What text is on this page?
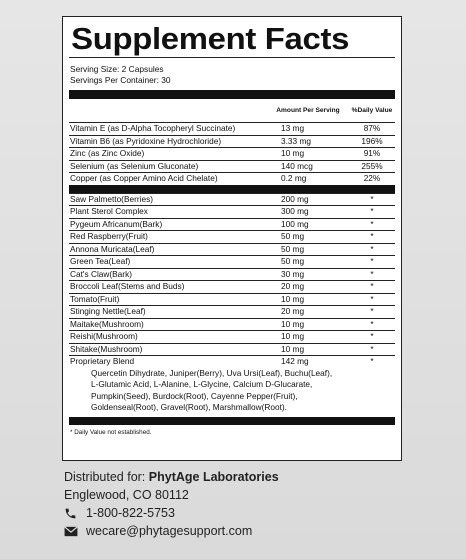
Supplement Facts
Serving Size: 2 Capsules
Servings Per Container: 30
Amount Per Serving	%Daily Value
Vitamin E (as D-Alpha Tocopheryl Succinate)	13 mg	87%
Vitamin B6 (as Pyridoxine Hydrochloride)	3.33 mg	196%
Zinc (as Zinc Oxide)	10 mg	91%
Selenium (as Selenium Gluconate)	140 mcg	255%
Copper (as Copper Amino Acid Chelate)	0.2 mg	22%
Saw Palmetto(Berries)	200 mg	*
Plant Sterol Complex	300 mg	*
Pygeum Africanum(Bark)	100 mg	*
Red Raspberry(Fruit)	50 mg	*
Annona Muricata(Leaf)	50 mg	*
Green Tea(Leaf)	50 mg	*
Cat's Claw(Bark)	30 mg	*
Broccoli Leaf(Stems and Buds)	20 mg	*
Tomato(Fruit)	10 mg	*
Stinging Nettle(Leaf)	20 mg	*
Maitake(Mushroom)	10 mg	*
Reishi(Mushroom)	10 mg	*
Shitake(Mushroom)	10 mg	*
Proprietary Blend	142 mg	*
Quercetin Dihydrate, Juniper(Berry), Uva Ursi(Leaf), Buchu(Leaf),
L-Glutamic Acid, L-Alanine, L-Glycine, Calcium D-Glucarate,
Pumpkin(Seed), Burdock(Root), Cayenne Pepper(Fruit),
Goldenseal(Root), Gravel(Root), Marshmallow(Root).
* Daily Value not established.
Distributed for: PhytAge Laboratories
Englewood, CO 80112
1-800-822-5753
wecare@phytagesupport.com
